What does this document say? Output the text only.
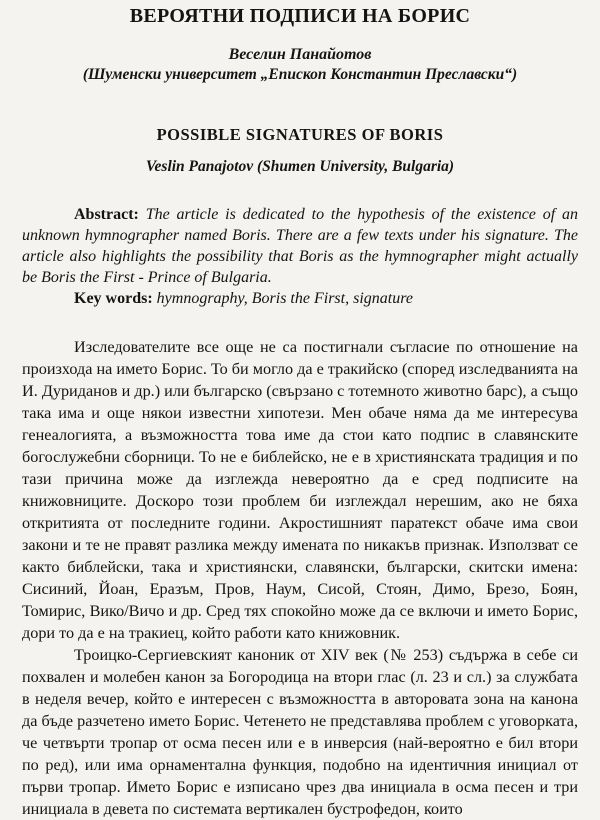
ВЕРОЯТНИ ПОДПИСИ НА БОРИС
Веселин Панайотов
(Шуменски университет „Епископ Константин Преславски“)
POSSIBLE SIGNATURES OF BORIS
Veslin Panajotov (Shumen University, Bulgaria)
Abstract: The article is dedicated to the hypothesis of the existence of an unknown hymnographer named Boris. There are a few texts under his signature. The article also highlights the possibility that Boris as the hymnographer might actually be Boris the First - Prince of Bulgaria.
Key words: hymnography, Boris the First, signature

Изследователите все още не са постигнали съгласие по отношение на произхода на името Борис. То би могло да е тракийско (според изследванията на И. Дуриданов и др.) или българско (свързано с тотемното животно барс), а също така има и още някои известни хипотези. Мен обаче няма да ме интересува генеалогията, а възможността това име да стои като подпис в славянските богослужебни сборници. То не е библейско, не е в християнската традиция и по тази причина може да изглежда невероятно да е сред подписите на книжовниците. Доскоро този проблем би изглеждал нерешим, ако не бяха откритията от последните години. Акростишният паратекст обаче има свои закони и те не правят разлика между имената по никакъв признак. Използват се както библейски, така и християнски, славянски, български, скитски имена: Сисиний, Йоан, Еразъм, Пров, Наум, Сисой, Стоян, Димо, Брезо, Боян, Томирис, Вико/Вичо и др. Сред тях спокойно може да се включи и името Борис, дори то да е на тракиец, който работи като книжовник.

Троицко-Сергиевският каноник от XIV век (№ 253) съдържа в себе си похвален и молебен канон за Богородица на втори глас (л. 23 и сл.) за службата в неделя вечер, който е интересен с възможността в авторовата зона на канона да бъде разчетено името Борис. Четенето не представлява проблем с уговорката, че четвърти тропар от осма песен или е в инверсия (най-вероятно е бил втори по ред), или има орнаментална функция, подобно на идентичния инициал от първи тропар. Името Борис е изписано чрез два инициала в осма песен и три инициала в девета по системата вертикален бустрофедон, които
